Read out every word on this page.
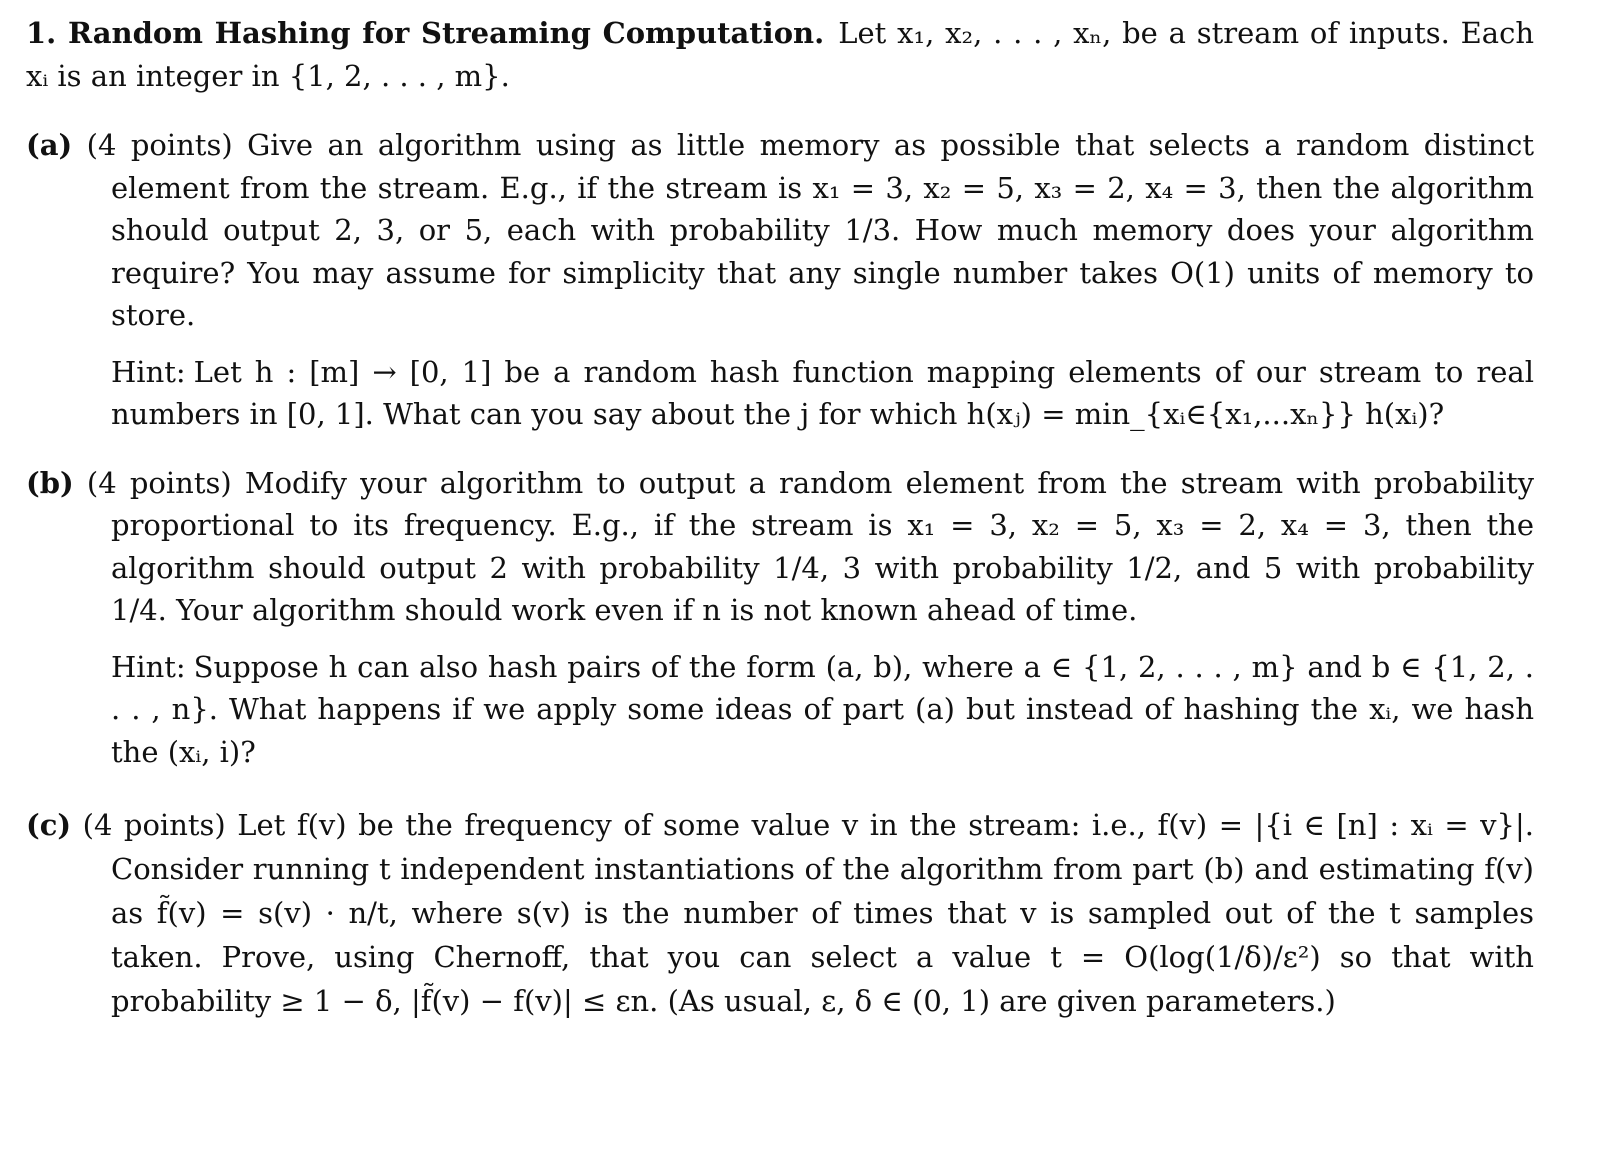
1. Random Hashing for Streaming Computation. Let x₁, x₂, . . . , xₙ, be a stream of inputs. Each xᵢ is an integer in {1, 2, . . . , m}.

(a) (4 points) Give an algorithm using as little memory as possible that selects a random distinct element from the stream. E.g., if the stream is x₁ = 3, x₂ = 5, x₃ = 2, x₄ = 3, then the algorithm should output 2, 3, or 5, each with probability 1/3. How much memory does your algorithm require? You may assume for simplicity that any single number takes O(1) units of memory to store.

Hint: Let h : [m] → [0, 1] be a random hash function mapping elements of our stream to real numbers in [0, 1]. What can you say about the j for which h(xⱼ) = min_{xᵢ∈{x₁,...xₙ}} h(xᵢ)?

(b) (4 points) Modify your algorithm to output a random element from the stream with probability proportional to its frequency. E.g., if the stream is x₁ = 3, x₂ = 5, x₃ = 2, x₄ = 3, then the algorithm should output 2 with probability 1/4, 3 with probability 1/2, and 5 with probability 1/4. Your algorithm should work even if n is not known ahead of time.

Hint: Suppose h can also hash pairs of the form (a, b), where a ∈ {1, 2, . . . , m} and b ∈ {1, 2, . . . , n}. What happens if we apply some ideas of part (a) but instead of hashing the xᵢ, we hash the (xᵢ, i)?

(c) (4 points) Let f(v) be the frequency of some value v in the stream: i.e., f(v) = |{i ∈ [n] : xᵢ = v}|. Consider running t independent instantiations of the algorithm from part (b) and estimating f(v) as f̃(v) = s(v) · n/t, where s(v) is the number of times that v is sampled out of the t samples taken. Prove, using Chernoff, that you can select a value t = O(log(1/δ)/ε²) so that with probability ≥ 1 − δ, |f̃(v) − f(v)| ≤ εn. (As usual, ε, δ ∈ (0, 1) are given parameters.)
